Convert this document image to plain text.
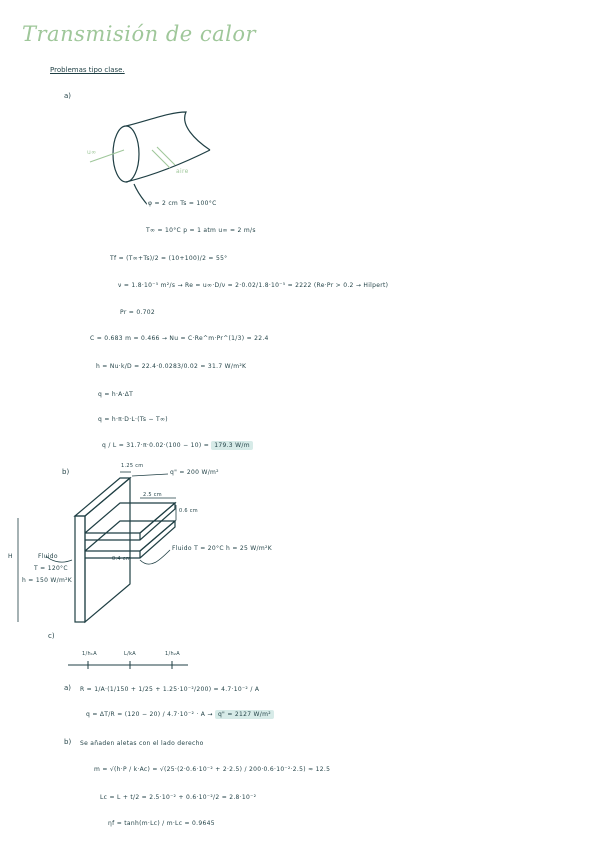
Transmisión de calor
Problemas tipo clase.
a)
u∞
aire
φ = 2 cm Ts = 100°C
T∞ = 10°C p = 1 atm u∞ = 2 m/s
Tf = (T∞+Ts)/2 = (10+100)/2 = 55°
ν = 1.8·10⁻⁵ m²/s → Re = u∞·D/ν = 2·0.02/1.8·10⁻⁵ = 2222 (Re·Pr > 0.2 → Hilpert)
Pr = 0.702
C = 0.683 m = 0.466 → Nu = C·Re^m·Pr^(1/3) = 22.4
h = Nu·k/D = 22.4·0.0283/0.02 = 31.7 W/m²K
q = h·A·ΔT
q = h·π·D·L·(Ts − T∞)
q / L = 31.7·π·0.02·(100 − 10) = 179.3 W/m
b)
1.25 cm
q" = 200 W/m²
2.5 cm
0.6 cm
0.4 cm
H	Fluido
T = 120°C
h = 150 W/m²K
Fluido T = 20°C h = 25 W/m²K
c)
1/h₁A	L/kA	1/h₂A
a) R = 1/A·(1/150 + 1/25 + 1.25·10⁻²/200) = 4.7·10⁻² / A
q = ΔT/R = (120 − 20) / 4.7·10⁻² · A → q" = 2127 W/m²
b) Se añaden aletas con el lado derecho
m = √(h·P / k·Ac) = √(25·(2·0.6·10⁻² + 2·2.5) / 200·0.6·10⁻²·2.5) ≈ 12.5
Lc = L + t/2 = 2.5·10⁻² + 0.6·10⁻²/2 = 2.8·10⁻²
ηf = tanh(m·Lc) / m·Lc = 0.9645
